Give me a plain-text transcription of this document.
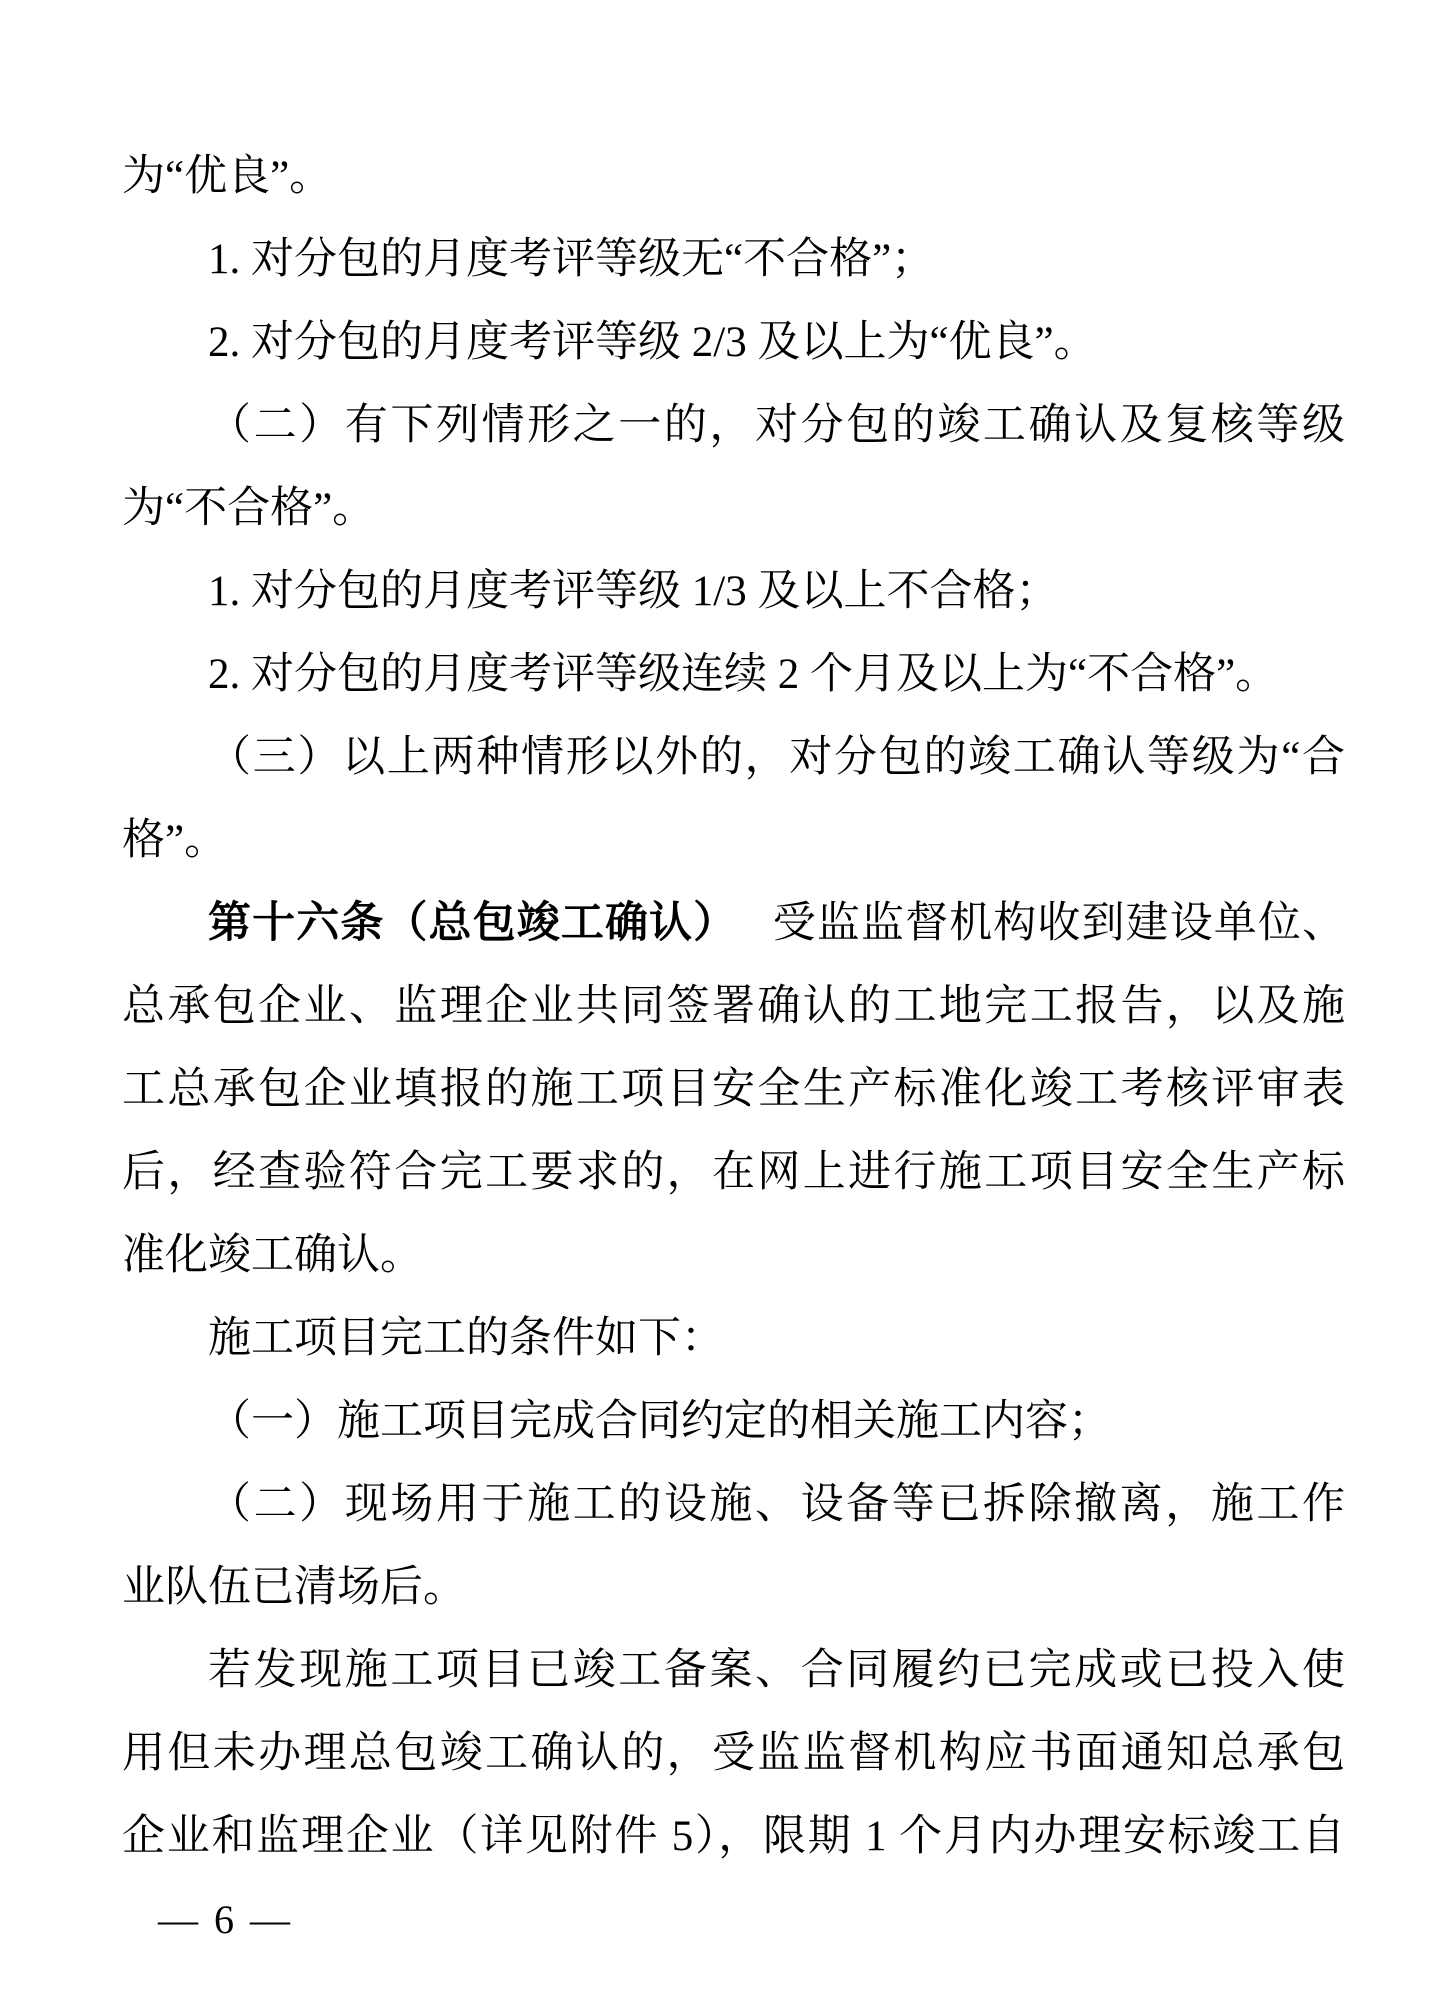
为“优良”。
1. 对分包的月度考评等级无“不合格”；
2. 对分包的月度考评等级 2/3 及以上为“优良”。
（二）有下列情形之一的，对分包的竣工确认及复核等级
为“不合格”。
1. 对分包的月度考评等级 1/3 及以上不合格；
2. 对分包的月度考评等级连续 2 个月及以上为“不合格”。
（三）以上两种情形以外的，对分包的竣工确认等级为“合
格”。
第十六条（总包竣工确认） 受监监督机构收到建设单位、
总承包企业、监理企业共同签署确认的工地完工报告，以及施
工总承包企业填报的施工项目安全生产标准化竣工考核评审表
后，经查验符合完工要求的，在网上进行施工项目安全生产标
准化竣工确认。
施工项目完工的条件如下：
（一）施工项目完成合同约定的相关施工内容；
（二）现场用于施工的设施、设备等已拆除撤离，施工作
业队伍已清场后。
若发现施工项目已竣工备案、合同履约已完成或已投入使
用但未办理总包竣工确认的，受监监督机构应书面通知总承包
企业和监理企业（详见附件 5），限期 1 个月内办理安标竣工自
— 6 —
